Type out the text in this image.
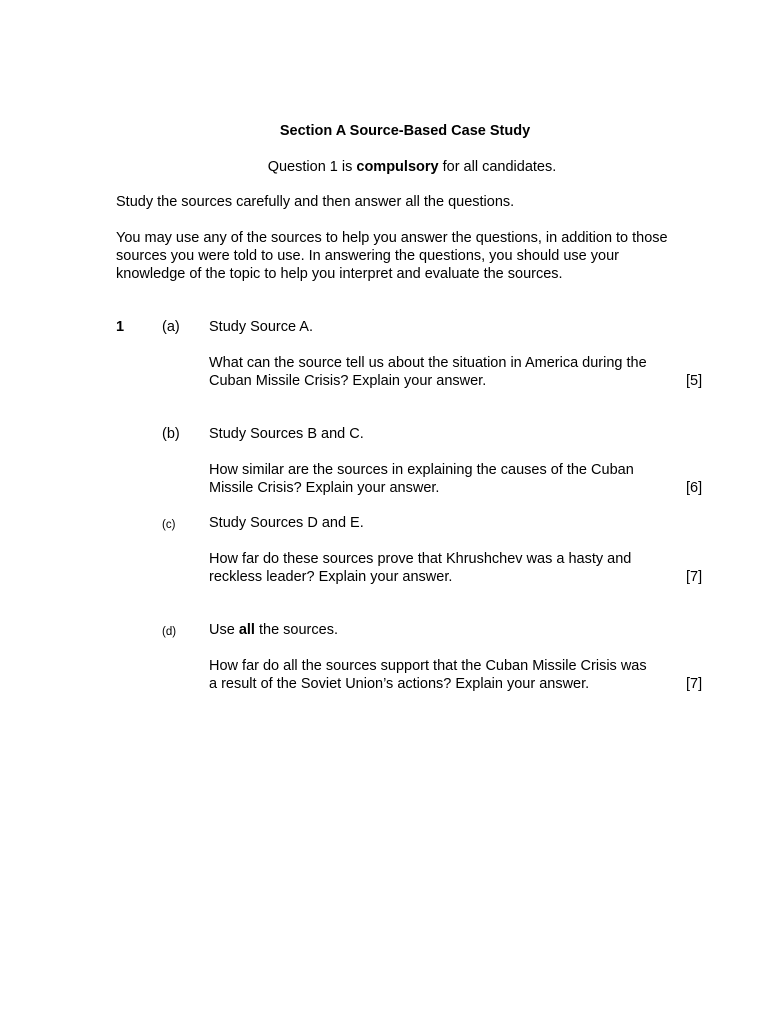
Section A Source-Based Case Study
Question 1 is compulsory for all candidates.
Study the sources carefully and then answer all the questions.
You may use any of the sources to help you answer the questions, in addition to those
sources you were told to use. In answering the questions, you should use your
knowledge of the topic to help you interpret and evaluate the sources.
1	(a) Study Source A.
What can the source tell us about the situation in America during the
Cuban Missile Crisis? Explain your answer.	[5]
(b) Study Sources B and C.
How similar are the sources in explaining the causes of the Cuban
Missile Crisis? Explain your answer.	[6]
(c) Study Sources D and E.
How far do these sources prove that Khrushchev was a hasty and
reckless leader? Explain your answer.	[7]
(d) Use all the sources.
How far do all the sources support that the Cuban Missile Crisis was
a result of the Soviet Union’s actions? Explain your answer.	[7]
